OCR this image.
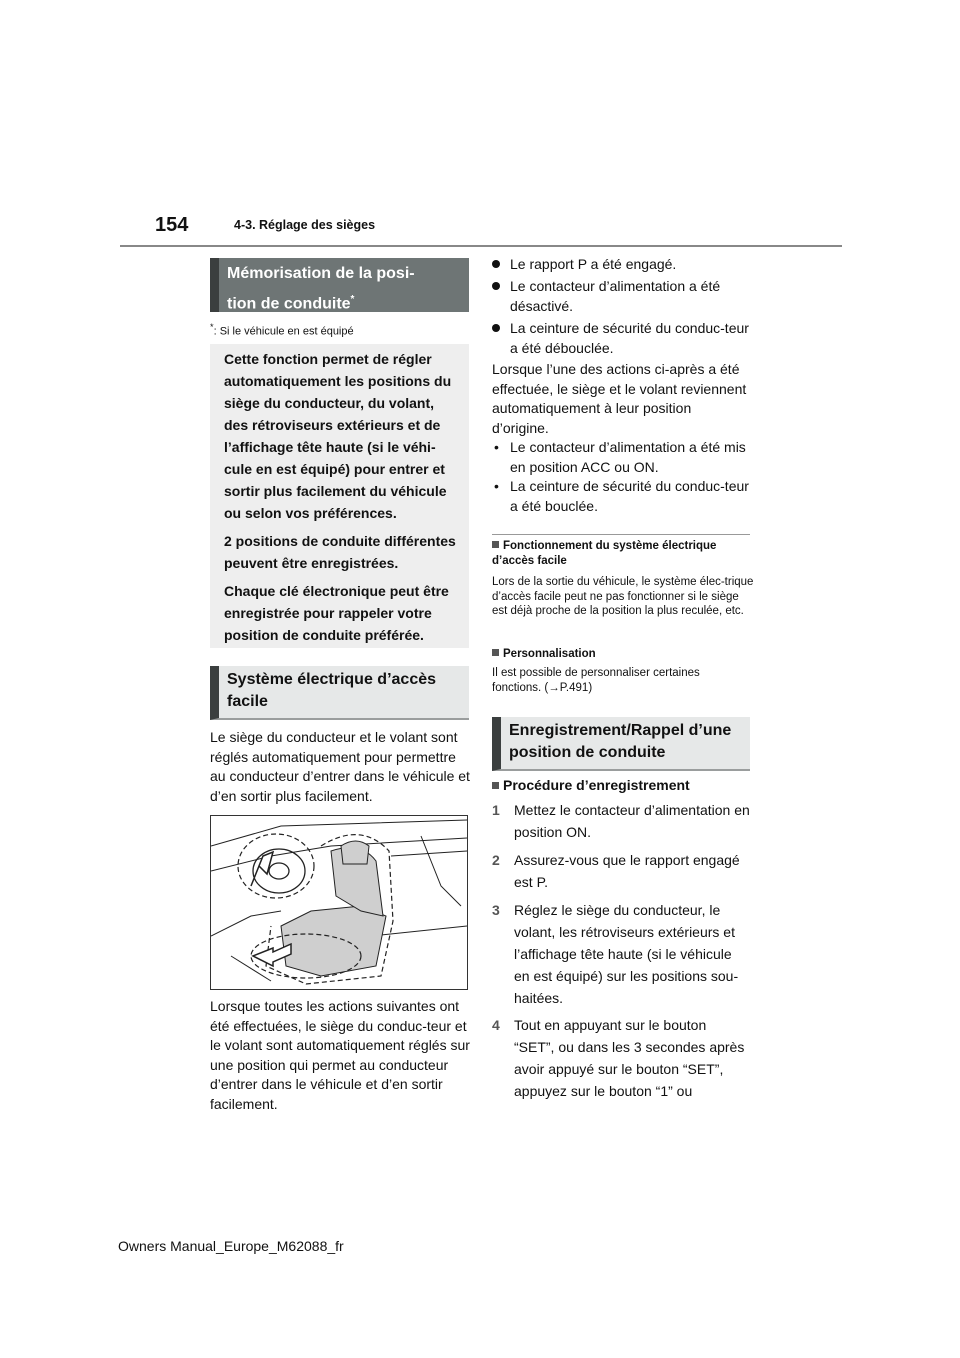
154	4-3. Réglage des sièges
Mémorisation de la posi-
tion de conduite*
*: Si le véhicule en est équipé

Cette fonction permet de régler automatiquement les positions du siège du conducteur, du volant, des rétroviseurs extérieurs et de l’affichage tête haute (si le véhi-cule en est équipé) pour entrer et sortir plus facilement du véhicule ou selon vos préférences.

2 positions de conduite différentes peuvent être enregistrées.

Chaque clé électronique peut être enregistrée pour rappeler votre position de conduite préférée.

Système électrique d’accès
facile

Le siège du conducteur et le volant sont réglés automatiquement pour permettre au conducteur d’entrer dans le véhicule et d’en sortir plus facilement.

Lorsque toutes les actions suivantes ont été effectuées, le siège du conduc-teur et le volant sont automatiquement réglés sur une position qui permet au conducteur d’entrer dans le véhicule et d’en sortir facilement.

Le rapport P a été engagé.
Le contacteur d’alimentation a été désactivé.
La ceinture de sécurité du conduc-teur a été débouclée.

Lorsque l’une des actions ci-après a été effectuée, le siège et le volant reviennent automatiquement à leur position d’origine.

• Le contacteur d’alimentation a été mis en position ACC ou ON.
• La ceinture de sécurité du conduc-teur a été bouclée.
Fonctionnement du système électrique d’accès facile
Lors de la sortie du véhicule, le système élec-trique d’accès facile peut ne pas fonctionner si le siège est déjà proche de la position la plus reculée, etc.
Personnalisation
Il est possible de personnaliser certaines fonctions. (→P.491)
Enregistrement/Rappel d’une
position de conduite
Procédure d’enregistrement
1	Mettez le contacteur d’alimentation en position ON.
2	Assurez-vous que le rapport engagé est P.
3	Réglez le siège du conducteur, le volant, les rétroviseurs extérieurs et l’affichage tête haute (si le véhicule en est équipé) sur les positions sou-haitées.
4	Tout en appuyant sur le bouton “SET”, ou dans les 3 secondes après avoir appuyé sur le bouton “SET”, appuyez sur le bouton “1” ou
Owners Manual_Europe_M62088_fr
